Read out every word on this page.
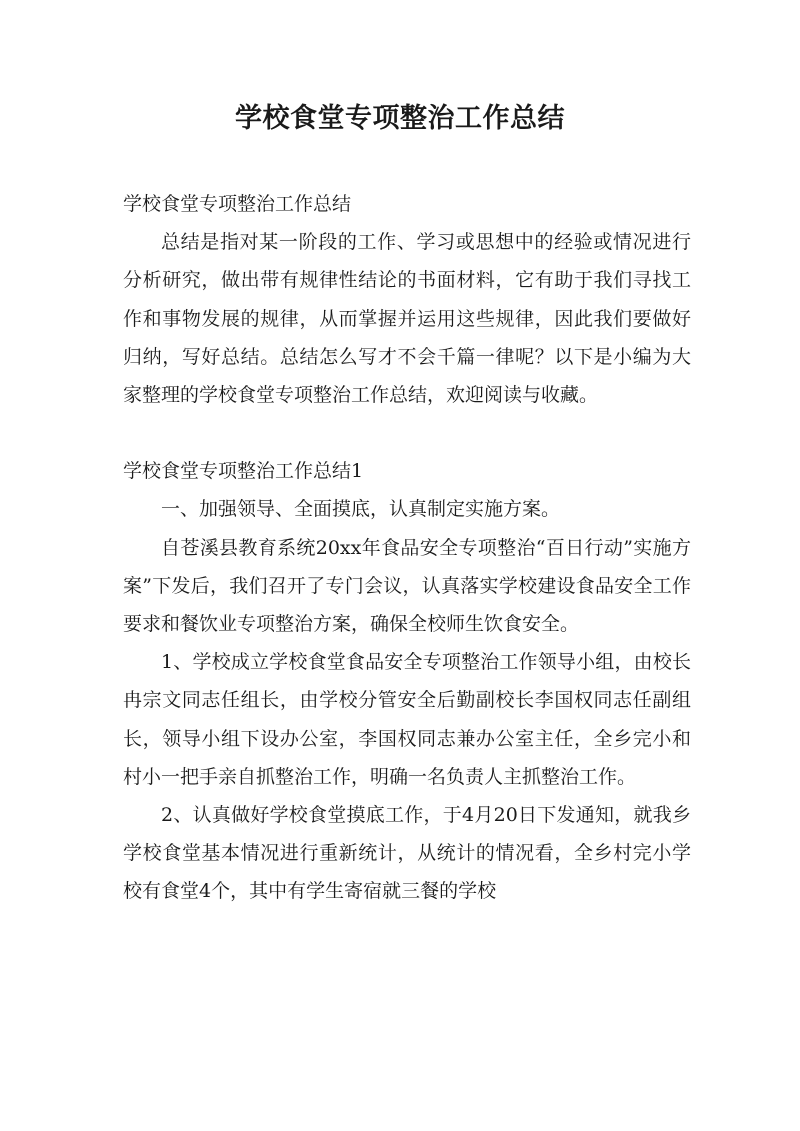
学校食堂专项整治工作总结

学校食堂专项整治工作总结

总结是指对某一阶段的工作、学习或思想中的经验或情况进行分析研究，做出带有规律性结论的书面材料，它有助于我们寻找工作和事物发展的规律，从而掌握并运用这些规律，因此我们要做好归纳，写好总结。总结怎么写才不会千篇一律呢？以下是小编为大家整理的学校食堂专项整治工作总结，欢迎阅读与收藏。

学校食堂专项整治工作总结1

一、加强领导、全面摸底，认真制定实施方案。

自苍溪县教育系统20xx年食品安全专项整治“百日行动”实施方案”下发后，我们召开了专门会议，认真落实学校建设食品安全工作要求和餐饮业专项整治方案，确保全校师生饮食安全。

1、学校成立学校食堂食品安全专项整治工作领导小组，由校长冉宗文同志任组长，由学校分管安全后勤副校长李国权同志任副组长，领导小组下设办公室，李国权同志兼办公室主任，全乡完小和村小一把手亲自抓整治工作，明确一名负责人主抓整治工作。

2、认真做好学校食堂摸底工作，于4月20日下发通知，就我乡学校食堂基本情况进行重新统计，从统计的情况看，全乡村完小学校有食堂4个，其中有学生寄宿就三餐的学校
